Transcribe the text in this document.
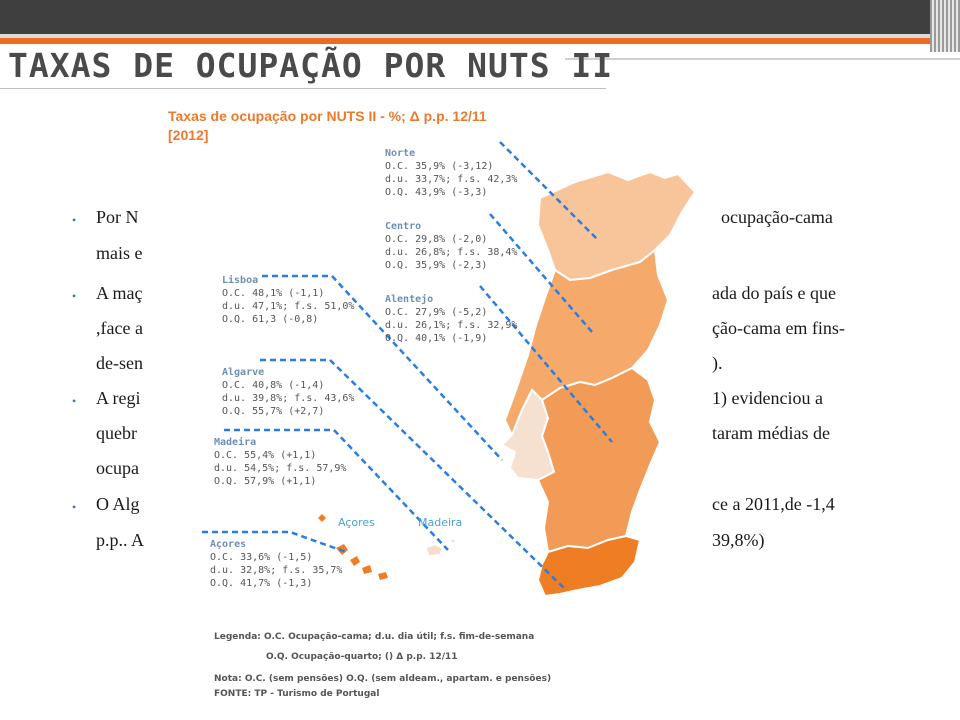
TAXAS DE OCUPAÇÃO POR NUTS II
• Por N	ocupação-cama
mais e
• A maç	ada do país e que
,face a	ção-cama em fins-
de-sen	).
• A regi	1) evidenciou a
quebr	taram médias de
ocupa
• O Alg	ce a 2011,de -1,4
p.p.. A	39,8%)
Taxas de ocupação por NUTS II - %; Δ p.p. 12/11
[2012]
Norte
O.C. 35,9% (-3,12)
d.u. 33,7%; f.s. 42,3%
O.Q. 43,9% (-3,3)
Centro
O.C. 29,8% (-2,0)
d.u. 26,8%; f.s. 38,4%
O.Q. 35,9% (-2,3)
Alentejo
O.C. 27,9% (-5,2)
d.u. 26,1%; f.s. 32,9%
O.Q. 40,1% (-1,9)
Lisboa
O.C. 48,1% (-1,1)
d.u. 47,1%; f.s. 51,0%
O.Q. 61,3 (-0,8)
Algarve
O.C. 40,8% (-1,4)
d.u. 39,8%; f.s. 43,6%
O.Q. 55,7% (+2,7)
Madeira
O.C. 55,4% (+1,1)
d.u. 54,5%; f.s. 57,9%
O.Q. 57,9% (+1,1)
Açores
O.C. 33,6% (-1,5)
d.u. 32,8%; f.s. 35,7%
O.Q. 41,7% (-1,3)
Açores	Madeira
Legenda: O.C. Ocupação-cama; d.u. dia útil; f.s. fim-de-semana
O.Q. Ocupação-quarto; () Δ p.p. 12/11
Nota: O.C. (sem pensões) O.Q. (sem aldeam., apartam. e pensões)
FONTE: TP - Turismo de Portugal
